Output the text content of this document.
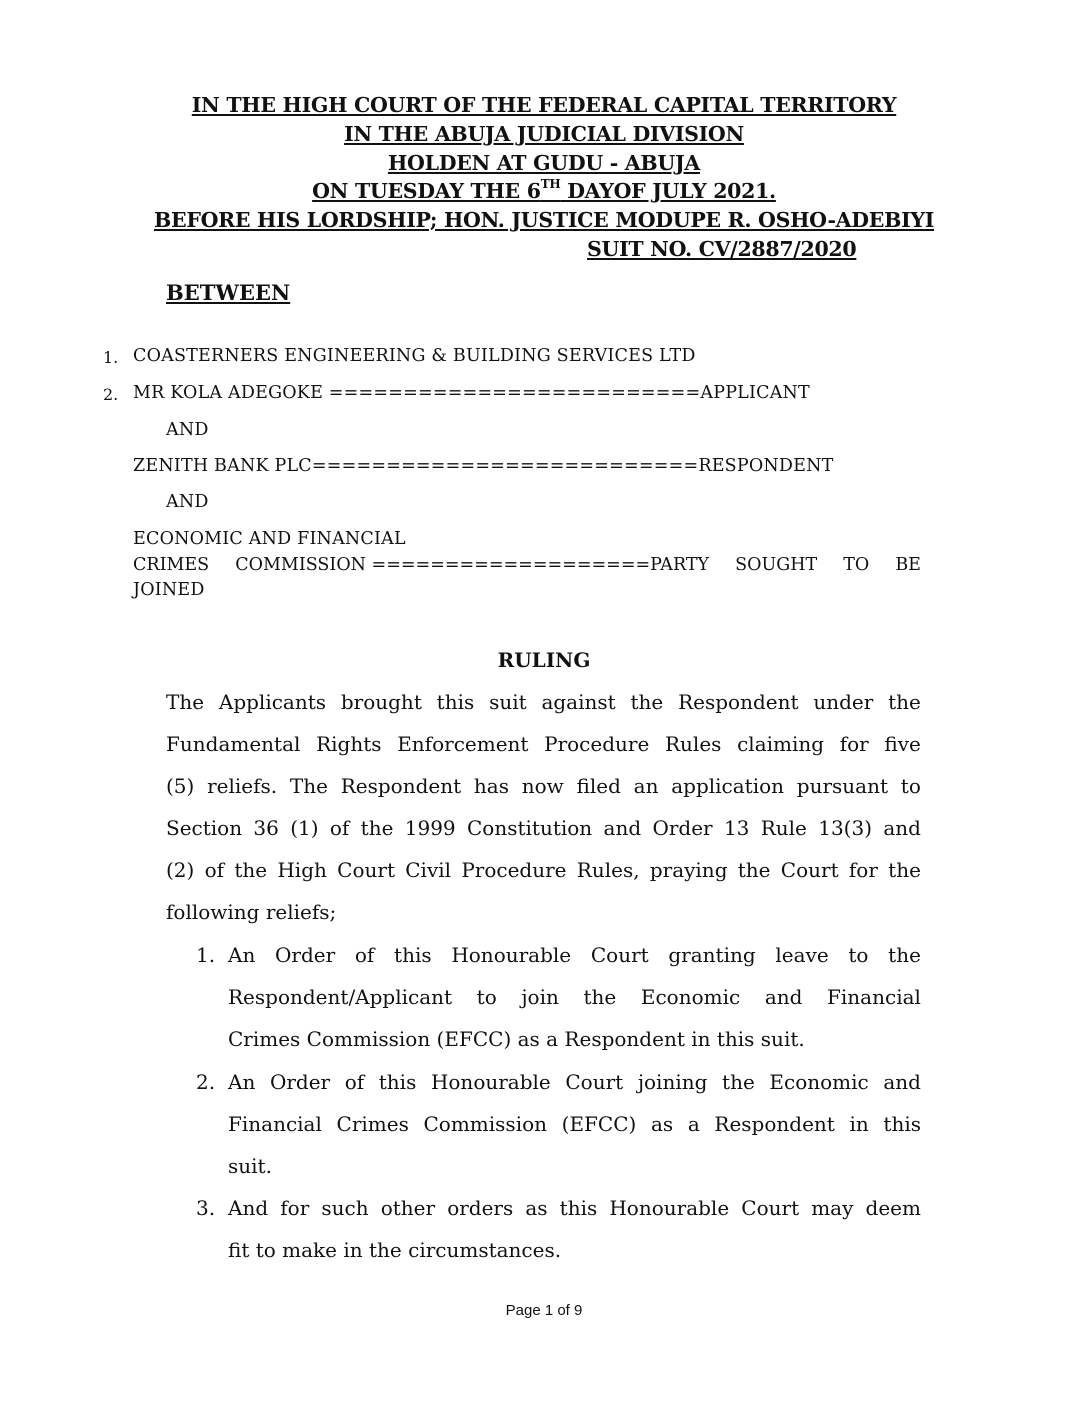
IN THE HIGH COURT OF THE FEDERAL CAPITAL TERRITORY
IN THE ABUJA JUDICIAL DIVISION
HOLDEN AT GUDU - ABUJA
ON TUESDAY THE 6TH DAYOF JULY 2021.
BEFORE HIS LORDSHIP; HON. JUSTICE MODUPE R. OSHO-ADEBIYI
SUIT NO. CV/2887/2020
BETWEEN
1. COASTERNERS ENGINEERING & BUILDING SERVICES LTD
2. MR KOLA ADEGOKE =========================APPLICANT
AND
ZENITH BANK PLC==========================RESPONDENT
AND
ECONOMIC AND FINANCIAL
CRIMES COMMISSION ===================PARTY SOUGHT TO BE
JOINED
RULING
The Applicants brought this suit against the Respondent under the
Fundamental Rights Enforcement Procedure Rules claiming for five
(5) reliefs. The Respondent has now filed an application pursuant to
Section 36 (1) of the 1999 Constitution and Order 13 Rule 13(3) and
(2) of the High Court Civil Procedure Rules, praying the Court for the
following reliefs;
1. An Order of this Honourable Court granting leave to the
Respondent/Applicant to join the Economic and Financial
Crimes Commission (EFCC) as a Respondent in this suit.
2. An Order of this Honourable Court joining the Economic and
Financial Crimes Commission (EFCC) as a Respondent in this
suit.
3. And for such other orders as this Honourable Court may deem
fit to make in the circumstances.
Page 1 of 9
